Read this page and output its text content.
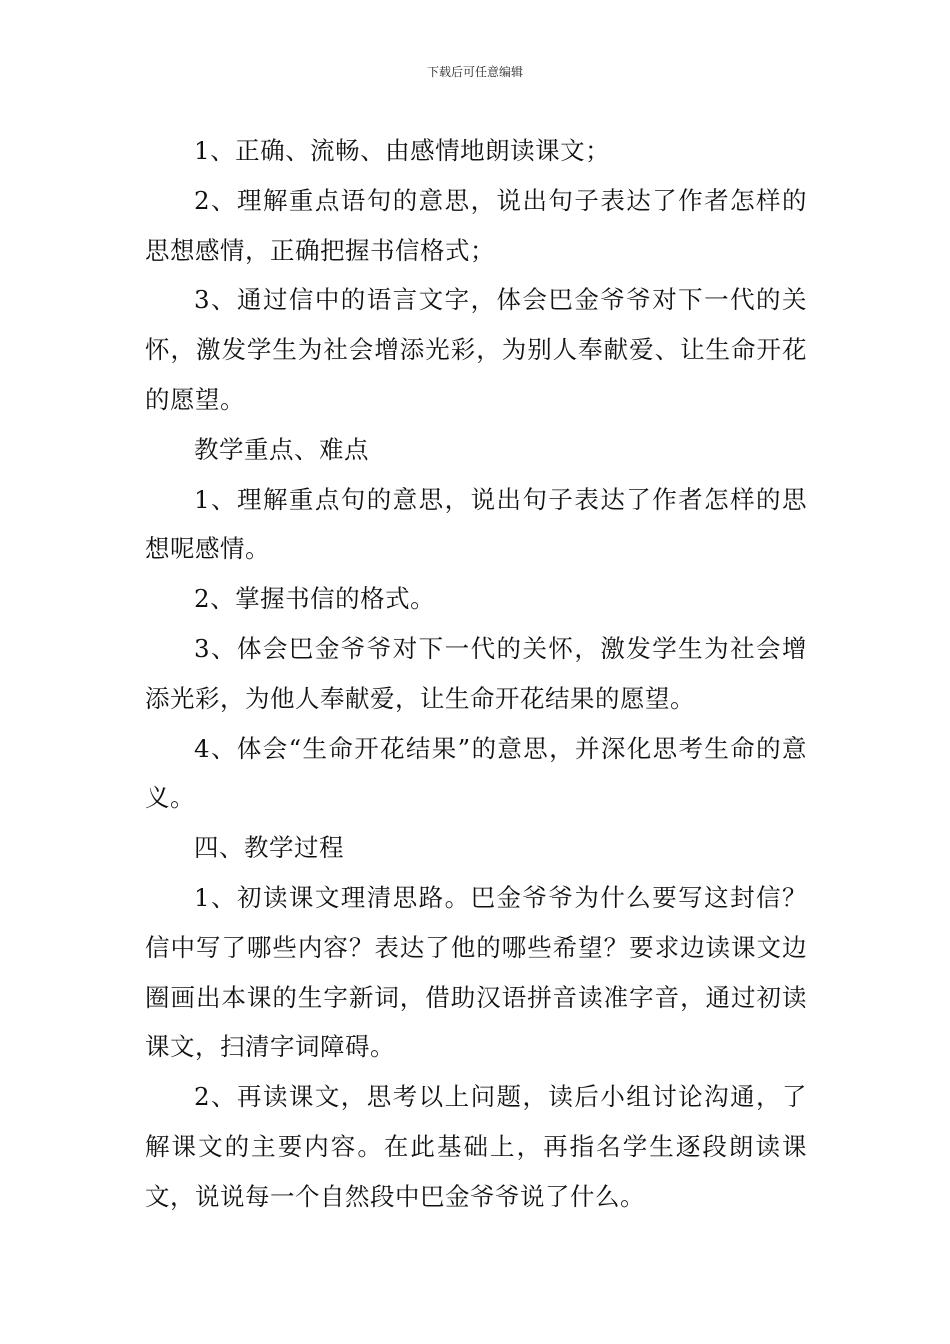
下载后可任意编辑

1、正确、流畅、由感情地朗读课文；

2、理解重点语句的意思，说出句子表达了作者怎样的思想感情，正确把握书信格式；

3、通过信中的语言文字，体会巴金爷爷对下一代的关怀，激发学生为社会增添光彩，为别人奉献爱、让生命开花的愿望。

教学重点、难点

1、理解重点句的意思，说出句子表达了作者怎样的思想呢感情。

2、掌握书信的格式。

3、体会巴金爷爷对下一代的关怀，激发学生为社会增添光彩，为他人奉献爱，让生命开花结果的愿望。

4、体会“生命开花结果”的意思，并深化思考生命的意义。

四、教学过程

1、初读课文理清思路。巴金爷爷为什么要写这封信？信中写了哪些内容？表达了他的哪些希望？要求边读课文边圈画出本课的生字新词，借助汉语拼音读准字音，通过初读课文，扫清字词障碍。

2、再读课文，思考以上问题，读后小组讨论沟通，了解课文的主要内容。在此基础上，再指名学生逐段朗读课文，说说每一个自然段中巴金爷爷说了什么。
